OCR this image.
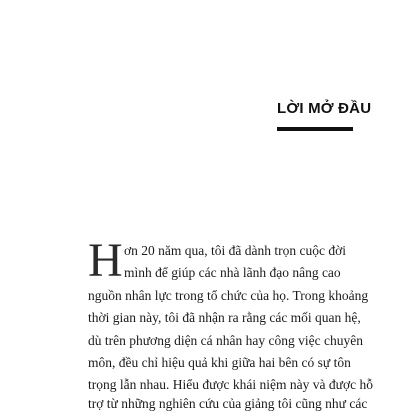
LỜI MỞ ĐẦU
H ơn 20 năm qua, tôi đã dành trọn cuộc đời
mình để giúp các nhà lãnh đạo nâng cao
nguồn nhân lực trong tổ chức của họ. Trong khoảng
thời gian này, tôi đã nhận ra rằng các mối quan hệ,
dù trên phương diện cá nhân hay công việc chuyên
môn, đều chỉ hiệu quả khi giữa hai bên có sự tôn
trọng lẫn nhau. Hiểu được khái niệm này và được hỗ
trợ từ những nghiên cứu của giảng tôi cũng như các
